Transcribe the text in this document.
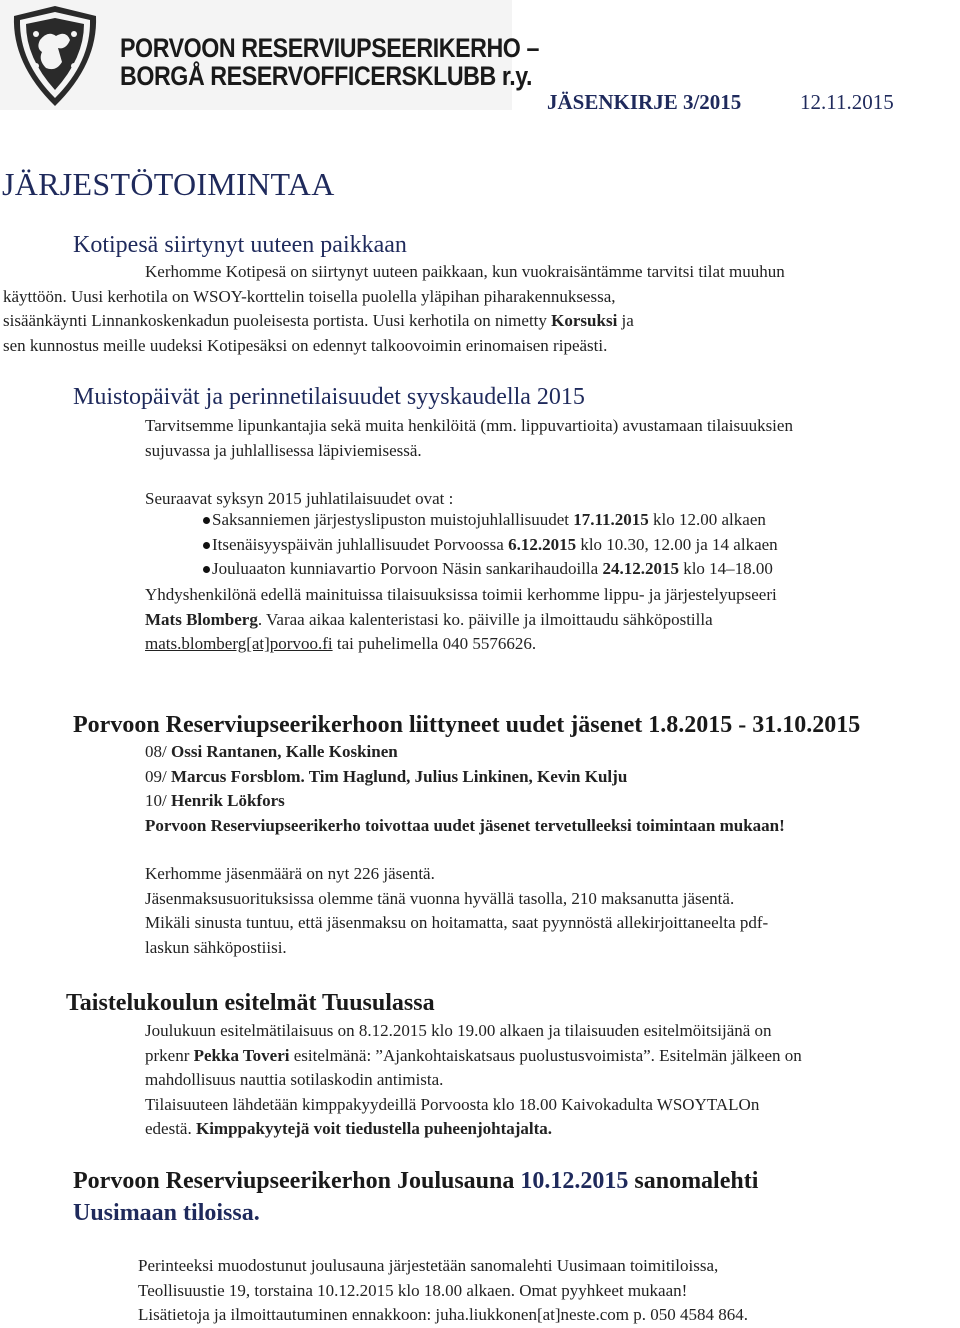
PORVOON RESERVIUPSEERIKERHO –
BORGÅ RESERVOFFICERSKLUBB r.y.
JÄSENKIRJE 3/2015	12.11.2015
JÄRJESTÖTOIMINTAA
Kotipesä siirtynyt uuteen paikkaan
Kerhomme Kotipesä on siirtynyt uuteen paikkaan, kun vuokraisäntämme tarvitsi tilat muuhun
käyttöön. Uusi kerhotila on WSOY-korttelin toisella puolella yläpihan piharakennuksessa,
sisäänkäynti Linnankoskenkadun puoleisesta portista. Uusi kerhotila on nimetty Korsuksi ja
sen kunnostus meille uudeksi Kotipesäksi on edennyt talkoovoimin erinomaisen ripeästi.
Muistopäivät ja perinnetilaisuudet syyskaudella 2015
Tarvitsemme lipunkantajia sekä muita henkilöitä (mm. lippuvartioita) avustamaan tilaisuuksien
sujuvassa ja juhlallisessa läpiviemisessä.
Seuraavat syksyn 2015 juhlatilaisuudet ovat :
Saksanniemen järjestyslipuston muistojuhlallisuudet 17.11.2015 klo 12.00 alkaen
Itsenäisyyspäivän juhlallisuudet Porvoossa 6.12.2015 klo 10.30, 12.00 ja 14 alkaen
Jouluaaton kunniavartio Porvoon Näsin sankarihaudoilla 24.12.2015 klo 14–18.00
Yhdyshenkilönä edellä mainituissa tilaisuuksissa toimii kerhomme lippu- ja järjestelyupseeri
Mats Blomberg. Varaa aikaa kalenteristasi ko. päiville ja ilmoittaudu sähköpostilla
mats.blomberg[at]porvoo.fi tai puhelimella 040 5576626.
Porvoon Reserviupseerikerhoon liittyneet uudet jäsenet 1.8.2015 - 31.10.2015
08/ Ossi Rantanen, Kalle Koskinen
09/ Marcus Forsblom. Tim Haglund, Julius Linkinen, Kevin Kulju
10/ Henrik Lökfors
Porvoon Reserviupseerikerho toivottaa uudet jäsenet tervetulleeksi toimintaan mukaan!
Kerhomme jäsenmäärä on nyt 226 jäsentä.
Jäsenmaksusuorituksissa olemme tänä vuonna hyvällä tasolla, 210 maksanutta jäsentä.
Mikäli sinusta tuntuu, että jäsenmaksu on hoitamatta, saat pyynnöstä allekirjoittaneelta pdf-
laskun sähköpostiisi.
Taistelukoulun esitelmät Tuusulassa
Joulukuun esitelmätilaisuus on 8.12.2015 klo 19.00 alkaen ja tilaisuuden esitelmöitsijänä on
prkenr Pekka Toveri esitelmänä: ”Ajankohtaiskatsaus puolustusvoimista”. Esitelmän jälkeen on
mahdollisuus nauttia sotilaskodin antimista.
Tilaisuuteen lähdetään kimppakyydeillä Porvoosta klo 18.00 Kaivokadulta WSOYTALOn
edestä. Kimppakyytejä voit tiedustella puheenjohtajalta.
Porvoon Reserviupseerikerhon Joulusauna 10.12.2015 sanomalehti
Uusimaan tiloissa.
Perinteeksi muodostunut joulusauna järjestetään sanomalehti Uusimaan toimitiloissa,
Teollisuustie 19, torstaina 10.12.2015 klo 18.00 alkaen. Omat pyyhkeet mukaan!
Lisätietoja ja ilmoittautuminen ennakkoon: juha.liukkonen[at]neste.com p. 050 4584 864.
